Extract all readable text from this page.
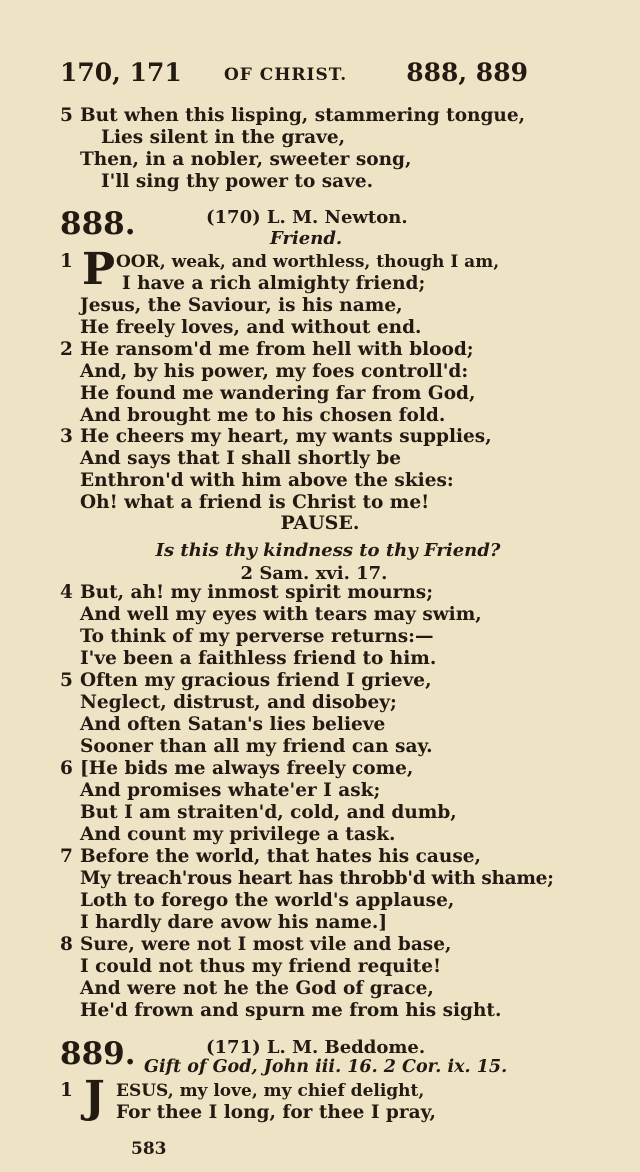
170, 171 OF CHRIST. 888, 889
5 But when this lisping, stammering tongue,
Lies silent in the grave,
Then, in a nobler, sweeter song,
I'll sing thy power to save.
888.	(170) L. M. Newton.
Friend.
P
1	OOR, weak, and worthless, though I am,
I have a rich almighty friend;
Jesus, the Saviour, is his name,
He freely loves, and without end.
2 He ransom'd me from hell with blood;
And, by his power, my foes controll'd:
He found me wandering far from God,
And brought me to his chosen fold.
3 He cheers my heart, my wants supplies,
And says that I shall shortly be
Enthron'd with him above the skies:
Oh! what a friend is Christ to me!
PAUSE.
Is this thy kindness to thy Friend?
2 Sam. xvi. 17.
4 But, ah! my inmost spirit mourns;
And well my eyes with tears may swim,
To think of my perverse returns:—
I've been a faithless friend to him.
5 Often my gracious friend I grieve,
Neglect, distrust, and disobey;
And often Satan's lies believe
Sooner than all my friend can say.
6 [He bids me always freely come,
And promises whate'er I ask;
But I am straiten'd, cold, and dumb,
And count my privilege a task.
7 Before the world, that hates his cause,
My treach'rous heart has throbb'd with shame;
Loth to forego the world's applause,
I hardly dare avow his name.]
8 Sure, were not I most vile and base,
I could not thus my friend requite!
And were not he the God of grace,
He'd frown and spurn me from his sight.
889.	(171) L. M. Beddome.
Gift of God, John iii. 16. 2 Cor. ix. 15.
J
1	ESUS, my love, my chief delight,
For thee I long, for thee I pray,
583
